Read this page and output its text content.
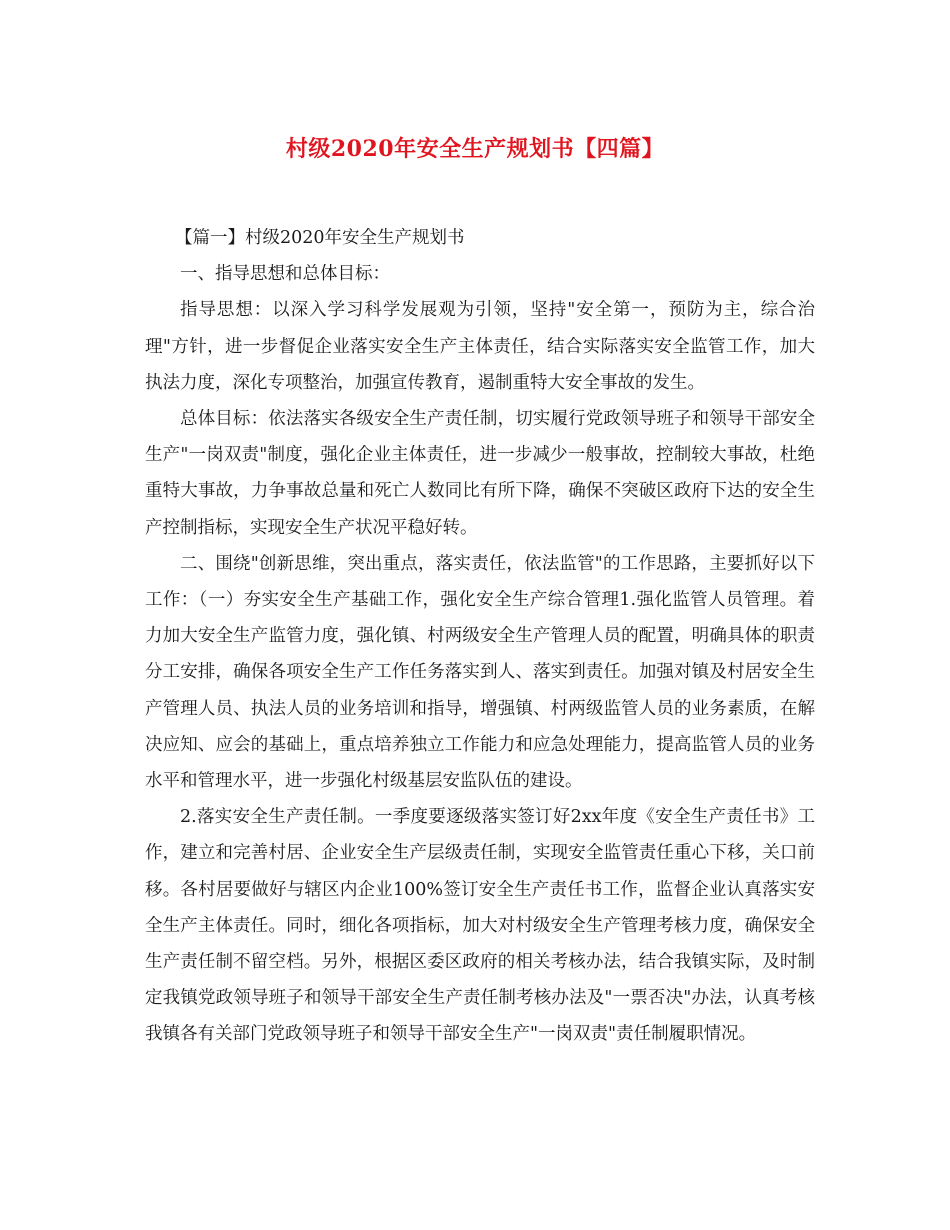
村级2020年安全生产规划书【四篇】

【篇一】村级2020年安全生产规划书

一、指导思想和总体目标：

指导思想：以深入学习科学发展观为引领，坚持"安全第一，预防为主，综合治理"方针，进一步督促企业落实安全生产主体责任，结合实际落实安全监管工作，加大执法力度，深化专项整治，加强宣传教育，遏制重特大安全事故的发生。

总体目标：依法落实各级安全生产责任制，切实履行党政领导班子和领导干部安全生产"一岗双责"制度，强化企业主体责任，进一步减少一般事故，控制较大事故，杜绝重特大事故，力争事故总量和死亡人数同比有所下降，确保不突破区政府下达的安全生产控制指标，实现安全生产状况平稳好转。

二、围绕"创新思维，突出重点，落实责任，依法监管"的工作思路，主要抓好以下工作：（一）夯实安全生产基础工作，强化安全生产综合管理1.强化监管人员管理。着力加大安全生产监管力度，强化镇、村两级安全生产管理人员的配置，明确具体的职责分工安排，确保各项安全生产工作任务落实到人、落实到责任。加强对镇及村居安全生产管理人员、执法人员的业务培训和指导，增强镇、村两级监管人员的业务素质，在解决应知、应会的基础上，重点培养独立工作能力和应急处理能力，提高监管人员的业务水平和管理水平，进一步强化村级基层安监队伍的建设。

2.落实安全生产责任制。一季度要逐级落实签订好2xx年度《安全生产责任书》工作，建立和完善村居、企业安全生产层级责任制，实现安全监管责任重心下移，关口前移。各村居要做好与辖区内企业100%签订安全生产责任书工作，监督企业认真落实安全生产主体责任。同时，细化各项指标，加大对村级安全生产管理考核力度，确保安全生产责任制不留空档。另外，根据区委区政府的相关考核办法，结合我镇实际，及时制定我镇党政领导班子和领导干部安全生产责任制考核办法及"一票否决"办法，认真考核我镇各有关部门党政领导班子和领导干部安全生产"一岗双责"责任制履职情况。
